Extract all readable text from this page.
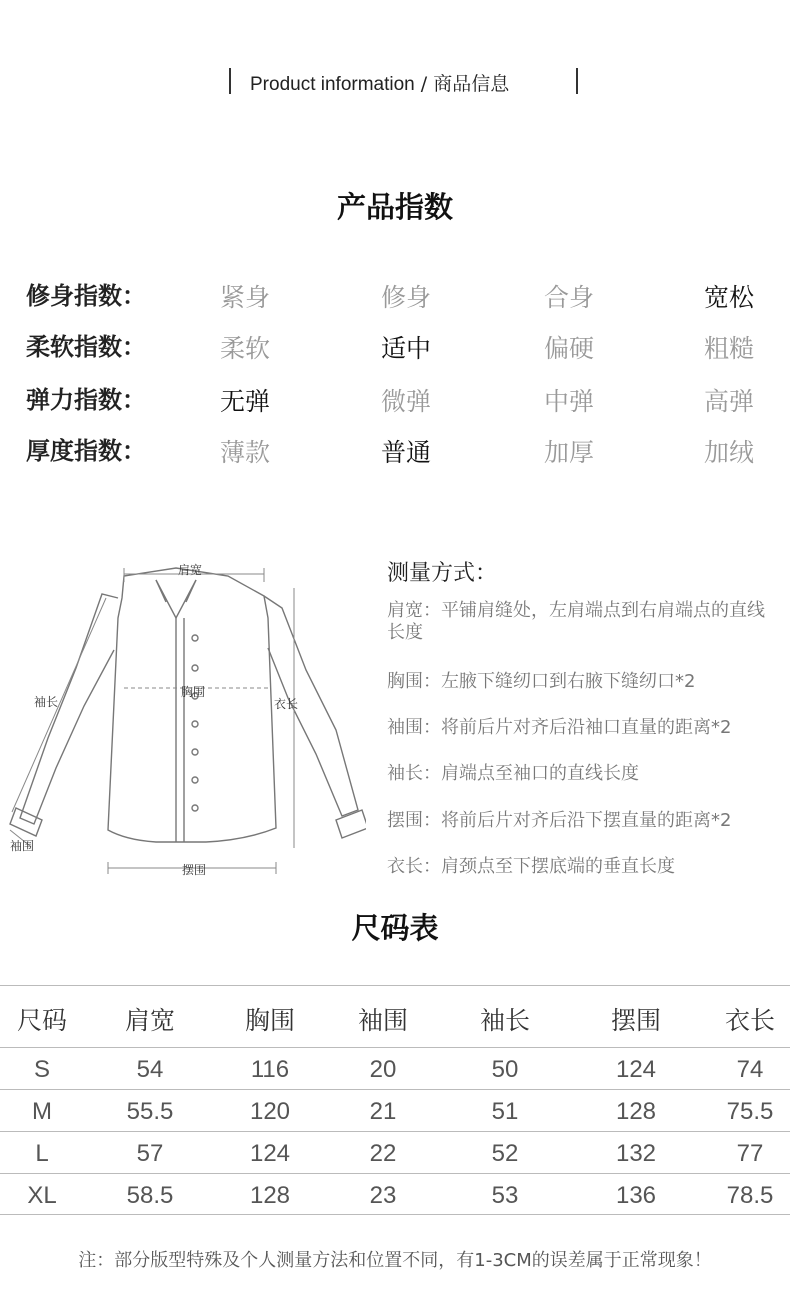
Product information / 商品信息
产品指数
修身指数：	紧身	修身	合身	宽松
柔软指数：	柔软	适中	偏硬	粗糙
弹力指数：	无弹	微弹	中弹	高弹
厚度指数：	薄款	普通	加厚	加绒
肩宽
胸围
袖长	衣长
袖围
摆围
测量方式：
肩宽：平铺肩缝处，左肩端点到右肩端点的直线长度
胸围：左腋下缝纫口到右腋下缝纫口*2
袖围：将前后片对齐后沿袖口直量的距离*2
袖长：肩端点至袖口的直线长度
摆围：将前后片对齐后沿下摆直量的距离*2
衣长：肩颈点至下摆底端的垂直长度
尺码表
尺码	肩宽	胸围	袖围	袖长	摆围	衣长
S	54	116	20	50	124	74
M	55.5	120	21	51	128	75.5
L	57	124	22	52	132	77
XL	58.5	128	23	53	136	78.5
注：部分版型特殊及个人测量方法和位置不同，有1-3CM的误差属于正常现象！
